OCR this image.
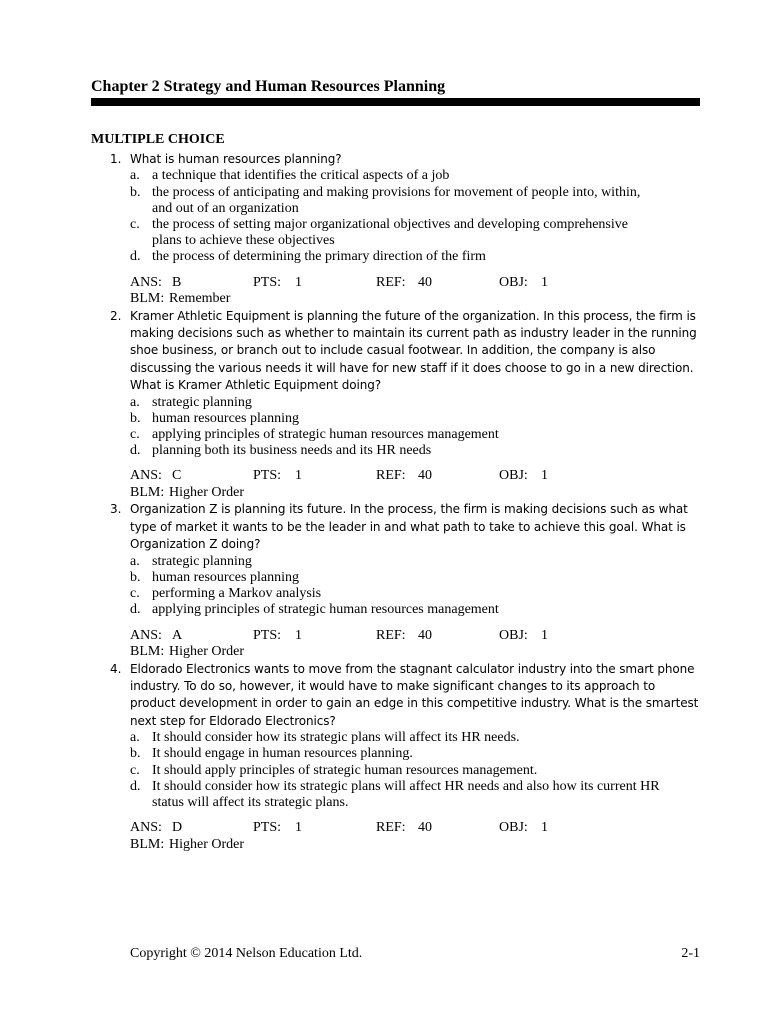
Chapter 2 Strategy and Human Resources Planning
MULTIPLE CHOICE
1. What is human resources planning?
a. a technique that identifies the critical aspects of a job
b. the process of anticipating and making provisions for movement of people into, within, and out of an organization
c. the process of setting major organizational objectives and developing comprehensive plans to achieve these objectives
d. the process of determining the primary direction of the firm
ANS: B	PTS: 1	REF: 40	OBJ: 1
BLM: Remember
2. Kramer Athletic Equipment is planning the future of the organization. In this process, the firm is making decisions such as whether to maintain its current path as industry leader in the running shoe business, or branch out to include casual footwear. In addition, the company is also discussing the various needs it will have for new staff if it does choose to go in a new direction. What is Kramer Athletic Equipment doing?
a. strategic planning
b. human resources planning
c. applying principles of strategic human resources management
d. planning both its business needs and its HR needs
ANS: C	PTS: 1	REF: 40	OBJ: 1
BLM: Higher Order
3. Organization Z is planning its future. In the process, the firm is making decisions such as what type of market it wants to be the leader in and what path to take to achieve this goal. What is Organization Z doing?
a. strategic planning
b. human resources planning
c. performing a Markov analysis
d. applying principles of strategic human resources management
ANS: A	PTS: 1	REF: 40	OBJ: 1
BLM: Higher Order
4. Eldorado Electronics wants to move from the stagnant calculator industry into the smart phone industry. To do so, however, it would have to make significant changes to its approach to product development in order to gain an edge in this competitive industry. What is the smartest next step for Eldorado Electronics?
a. It should consider how its strategic plans will affect its HR needs.
b. It should engage in human resources planning.
c. It should apply principles of strategic human resources management.
d. It should consider how its strategic plans will affect HR needs and also how its current HR status will affect its strategic plans.
ANS: D	PTS: 1	REF: 40	OBJ: 1
BLM: Higher Order
Copyright © 2014 Nelson Education Ltd.	2-1
